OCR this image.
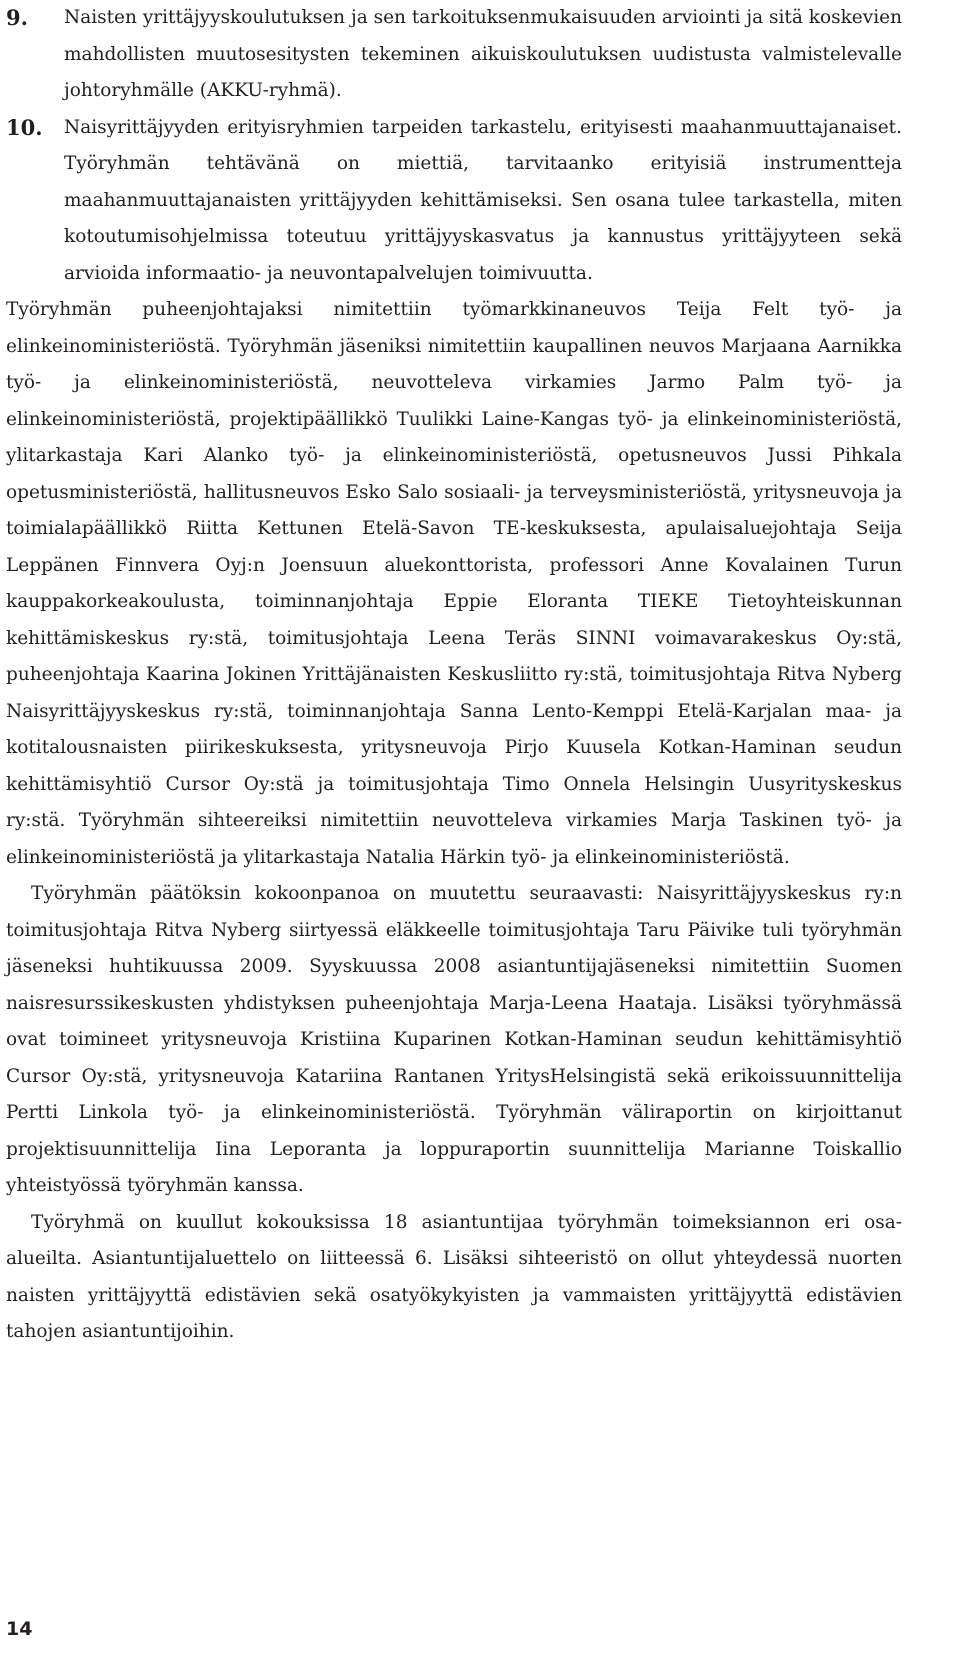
9. Naisten yrittäjyyskoulutuksen ja sen tarkoituksenmukaisuuden arviointi ja sitä koskevien mahdollisten muutosesitysten tekeminen aikuiskoulutuksen uudistusta valmistelevalle johtoryhmälle (AKKU-ryhmä).
10. Naisyrittäjyyden erityisryhmien tarpeiden tarkastelu, erityisesti maahanmuuttajanaiset. Työryhmän tehtävänä on miettiä, tarvitaanko erityisiä instrumentteja maahanmuuttajanaisten yrittäjyyden kehittämiseksi. Sen osana tulee tarkastella, miten kotoutumisohjelmissa toteutuu yrittäjyyskasvatus ja kannustus yrittäjyyteen sekä arvioida informaatio- ja neuvontapalvelujen toimivuutta.

Työryhmän puheenjohtajaksi nimitettiin työmarkkinaneuvos Teija Felt työ- ja elinkeinoministeriöstä. Työryhmän jäseniksi nimitettiin kaupallinen neuvos Marjaana Aarnikka työ- ja elinkeinoministeriöstä, neuvotteleva virkamies Jarmo Palm työ- ja elinkeinoministeriöstä, projektipäällikkö Tuulikki Laine-Kangas työ- ja elinkeinoministeriöstä, ylitarkastaja Kari Alanko työ- ja elinkeinoministeriöstä, opetusneuvos Jussi Pihkala opetusministeriöstä, hallitusneuvos Esko Salo sosiaali- ja terveysministeriöstä, yritysneuvoja ja toimialapäällikkö Riitta Kettunen Etelä-Savon TE-keskuksesta, apulaisaluejohtaja Seija Leppänen Finnvera Oyj:n Joensuun aluekonttorista, professori Anne Kovalainen Turun kauppakorkeakoulusta, toiminnanjohtaja Eppie Eloranta TIEKE Tietoyhteiskunnan kehittämiskeskus ry:stä, toimitusjohtaja Leena Teräs SINNI voimavarakeskus Oy:stä, puheenjohtaja Kaarina Jokinen Yrittäjänaisten Keskusliitto ry:stä, toimitusjohtaja Ritva Nyberg Naisyrittäjyyskeskus ry:stä, toiminnanjohtaja Sanna Lento-Kemppi Etelä-Karjalan maa- ja kotitalousnaisten piirikeskuksesta, yritysneuvoja Pirjo Kuusela Kotkan-Haminan seudun kehittämisyhtiö Cursor Oy:stä ja toimitusjohtaja Timo Onnela Helsingin Uusyrityskeskus ry:stä. Työryhmän sihteereiksi nimitettiin neuvotteleva virkamies Marja Taskinen työ- ja elinkeinoministeriöstä ja ylitarkastaja Natalia Härkin työ- ja elinkeinoministeriöstä.

Työryhmän päätöksin kokoonpanoa on muutettu seuraavasti: Naisyrittäjyyskeskus ry:n toimitusjohtaja Ritva Nyberg siirtyessä eläkkeelle toimitusjohtaja Taru Päivike tuli työryhmän jäseneksi huhtikuussa 2009. Syyskuussa 2008 asiantuntijajäseneksi nimitettiin Suomen naisresurssikeskusten yhdistyksen puheenjohtaja Marja-Leena Haataja. Lisäksi työryhmässä ovat toimineet yritysneuvoja Kristiina Kuparinen Kotkan-Haminan seudun kehittämisyhtiö Cursor Oy:stä, yritysneuvoja Katariina Rantanen YritysHelsingistä sekä erikoissuunnittelija Pertti Linkola työ- ja elinkeinoministeriöstä. Työryhmän väliraportin on kirjoittanut projektisuunnittelija Iina Leporanta ja loppuraportin suunnittelija Marianne Toiskallio yhteistyössä työryhmän kanssa.

Työryhmä on kuullut kokouksissa 18 asiantuntijaa työryhmän toimeksiannon eri osa-alueilta. Asiantuntijaluettelo on liitteessä 6. Lisäksi sihteeristö on ollut yhteydessä nuorten naisten yrittäjyyttä edistävien sekä osatyökykyisten ja vammaisten yrittäjyyttä edistävien tahojen asiantuntijoihin.

14
